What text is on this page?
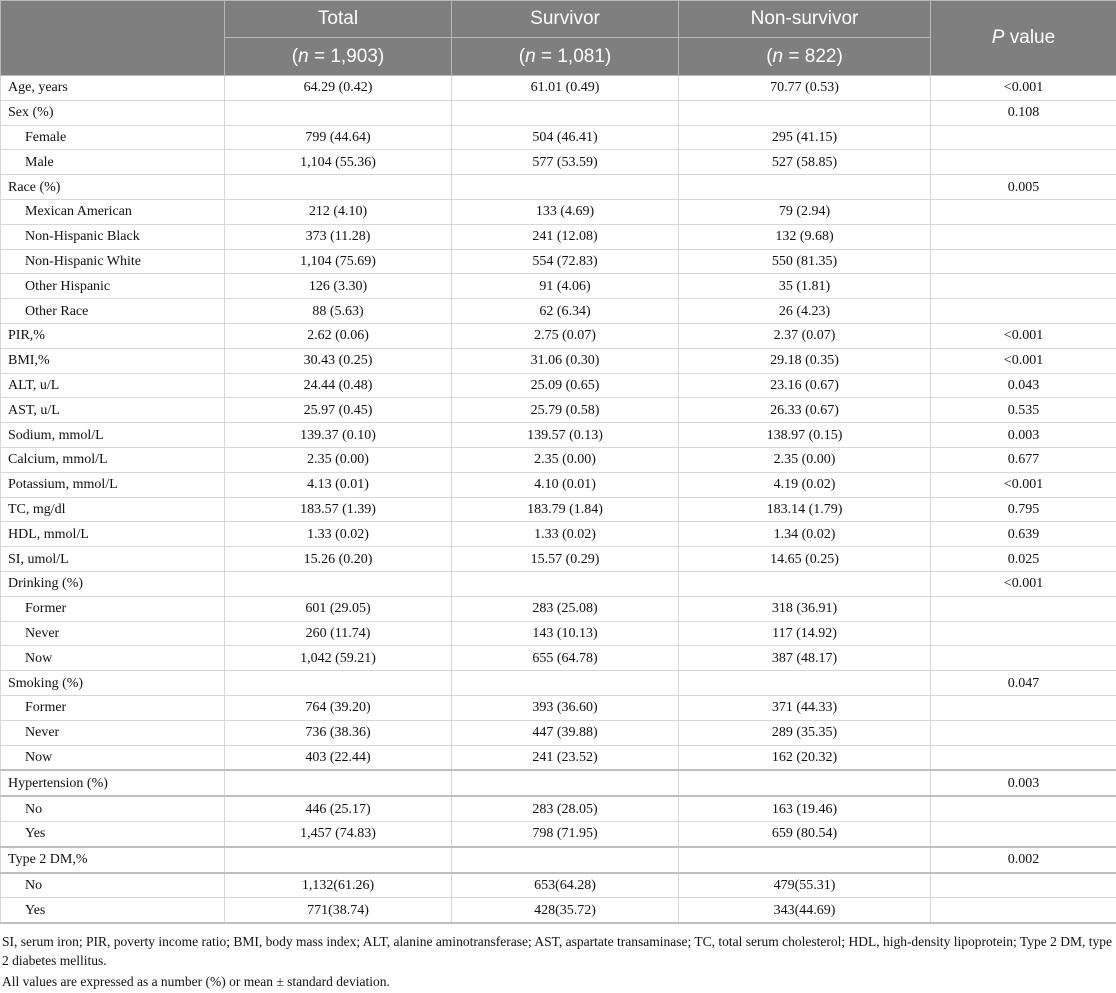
	Total	Survivor	Non-survivor	P value
	(n = 1,903)	(n = 1,081)	(n = 822)	
Age, years	64.29 (0.42)	61.01 (0.49)	70.77 (0.53)	<0.001
Sex (%)				0.108
Female	799 (44.64)	504 (46.41)	295 (41.15)	
Male	1,104 (55.36)	577 (53.59)	527 (58.85)	
Race (%)				0.005
Mexican American	212 (4.10)	133 (4.69)	79 (2.94)	
Non-Hispanic Black	373 (11.28)	241 (12.08)	132 (9.68)	
Non-Hispanic White	1,104 (75.69)	554 (72.83)	550 (81.35)	
Other Hispanic	126 (3.30)	91 (4.06)	35 (1.81)	
Other Race	88 (5.63)	62 (6.34)	26 (4.23)	
PIR,%	2.62 (0.06)	2.75 (0.07)	2.37 (0.07)	<0.001
BMI,%	30.43 (0.25)	31.06 (0.30)	29.18 (0.35)	<0.001
ALT, u/L	24.44 (0.48)	25.09 (0.65)	23.16 (0.67)	0.043
AST, u/L	25.97 (0.45)	25.79 (0.58)	26.33 (0.67)	0.535
Sodium, mmol/L	139.37 (0.10)	139.57 (0.13)	138.97 (0.15)	0.003
Calcium, mmol/L	2.35 (0.00)	2.35 (0.00)	2.35 (0.00)	0.677
Potassium, mmol/L	4.13 (0.01)	4.10 (0.01)	4.19 (0.02)	<0.001
TC, mg/dl	183.57 (1.39)	183.79 (1.84)	183.14 (1.79)	0.795
HDL, mmol/L	1.33 (0.02)	1.33 (0.02)	1.34 (0.02)	0.639
SI, umol/L	15.26 (0.20)	15.57 (0.29)	14.65 (0.25)	0.025
Drinking (%)				<0.001
Former	601 (29.05)	283 (25.08)	318 (36.91)	
Never	260 (11.74)	143 (10.13)	117 (14.92)	
Now	1,042 (59.21)	655 (64.78)	387 (48.17)	
Smoking (%)				0.047
Former	764 (39.20)	393 (36.60)	371 (44.33)	
Never	736 (38.36)	447 (39.88)	289 (35.35)	
Now	403 (22.44)	241 (23.52)	162 (20.32)	
Hypertension (%)				0.003
No	446 (25.17)	283 (28.05)	163 (19.46)	
Yes	1,457 (74.83)	798 (71.95)	659 (80.54)	
Type 2 DM,%				0.002
No	1,132(61.26)	653(64.28)	479(55.31)	
Yes	771(38.74)	428(35.72)	343(44.69)	

SI, serum iron; PIR, poverty income ratio; BMI, body mass index; ALT, alanine aminotransferase; AST, aspartate transaminase; TC, total serum cholesterol; HDL, high-density lipoprotein; Type 2 DM, type 2 diabetes mellitus.

All values are expressed as a number (%) or mean ± standard deviation.
